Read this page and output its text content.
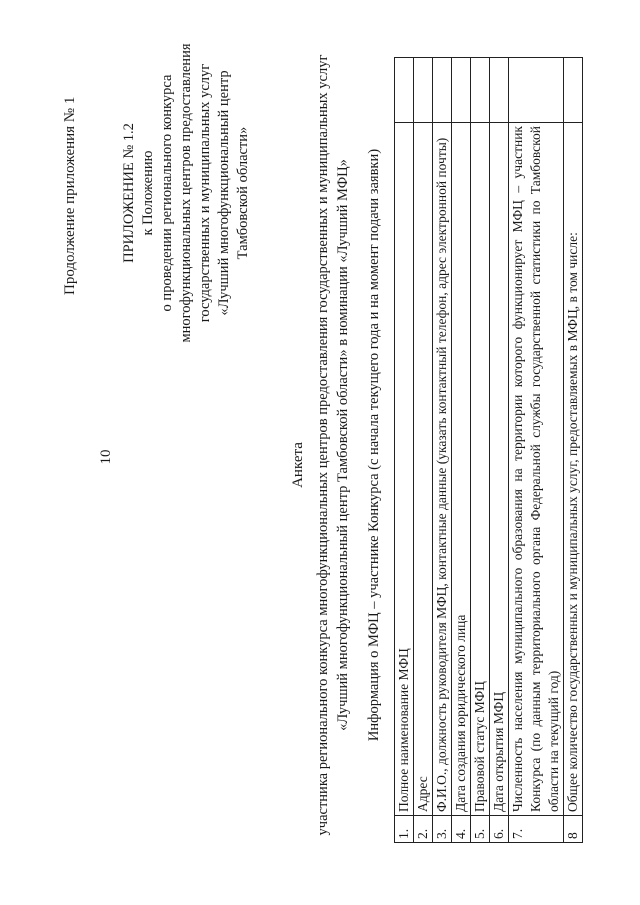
Продолжение приложения № 1
10
ПРИЛОЖЕНИЕ № 1.2 к Положению о проведении регионального конкурса многофункциональных центров предоставления государственных и муниципальных услуг «Лучший многофункциональный центр Тамбовской области»
Анкета участника регионального конкурса многофункциональных центров предоставления государственных и муниципальных услуг «Лучший многофункциональный центр Тамбовской области» в номинации «Лучший МФЦ» Информация о МФЦ – участнике Конкурса (с начала текущего года и на момент подачи заявки)
1.	Полное наименование МФЦ	
2.	Адрес	
3.	Ф.И.О., должность руководителя МФЦ, контактные данные (указать контактный телефон, адрес электронной почты)	
4.	Дата создания юридического лица	
5.	Правовой статус МФЦ	
6.	Дата открытия МФЦ	
7.	Численность населения муниципального образования на территории которого функционирует МФЦ – участник Конкурса (по данным территориального органа Федеральной службы государственной статистики по Тамбовской области на текущий год)	
8	Общее количество государственных и муниципальных услуг, предоставляемых в МФЦ, в том числе:	
